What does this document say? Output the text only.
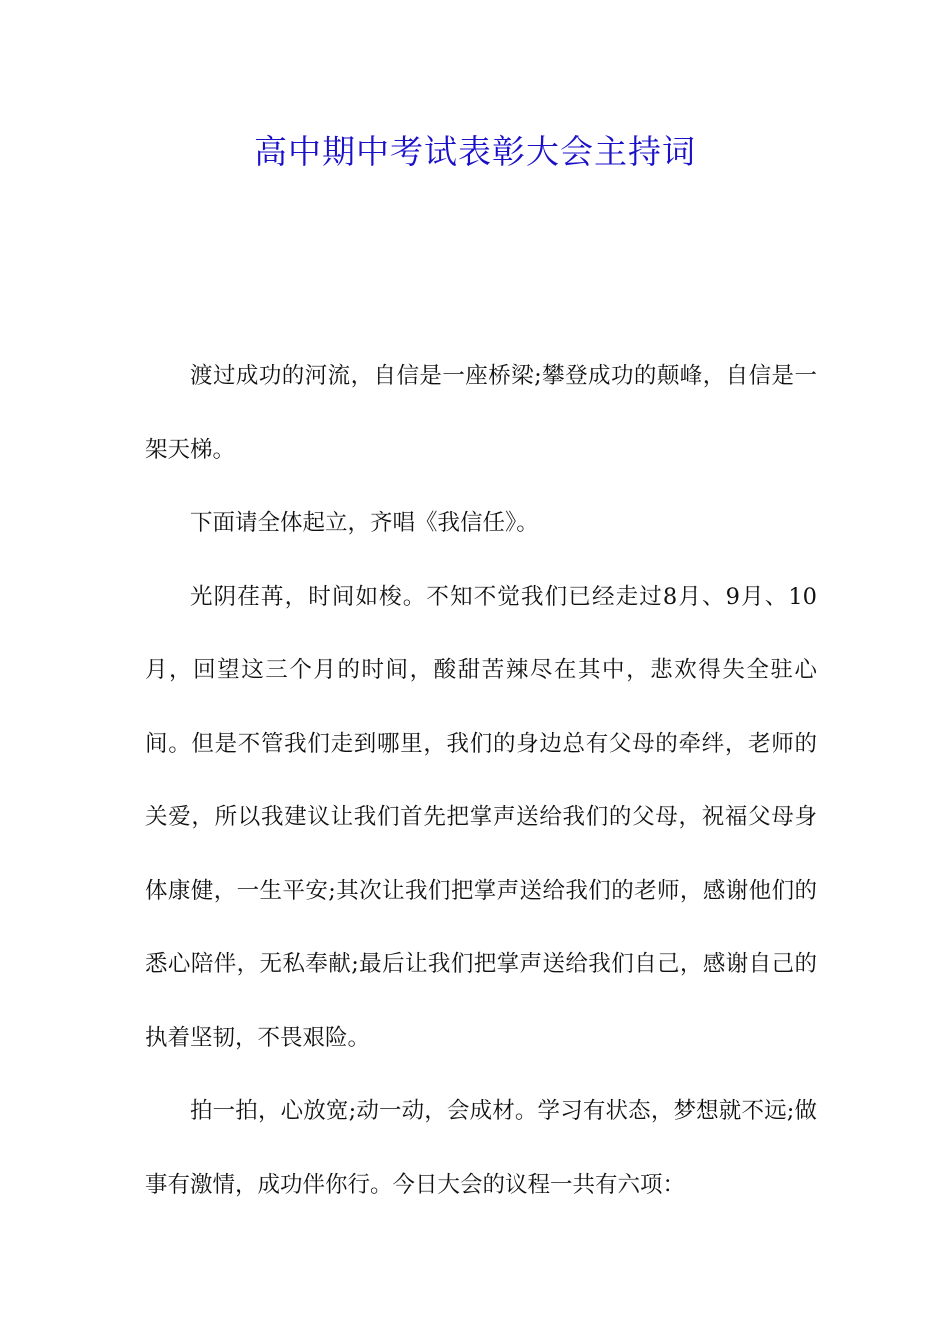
高中期中考试表彰大会主持词

渡过成功的河流，自信是一座桥梁;攀登成功的颠峰，自信是一架天梯。

下面请全体起立，齐唱《我信任》。

光阴荏苒，时间如梭。不知不觉我们已经走过8月、9月、10月，回望这三个月的时间，酸甜苦辣尽在其中，悲欢得失全驻心间。但是不管我们走到哪里，我们的身边总有父母的牵绊，老师的关爱，所以我建议让我们首先把掌声送给我们的父母，祝福父母身体康健，一生平安;其次让我们把掌声送给我们的老师，感谢他们的悉心陪伴，无私奉献;最后让我们把掌声送给我们自己，感谢自己的执着坚韧，不畏艰险。

拍一拍，心放宽;动一动，会成材。学习有状态，梦想就不远;做事有激情，成功伴你行。今日大会的议程一共有六项：
